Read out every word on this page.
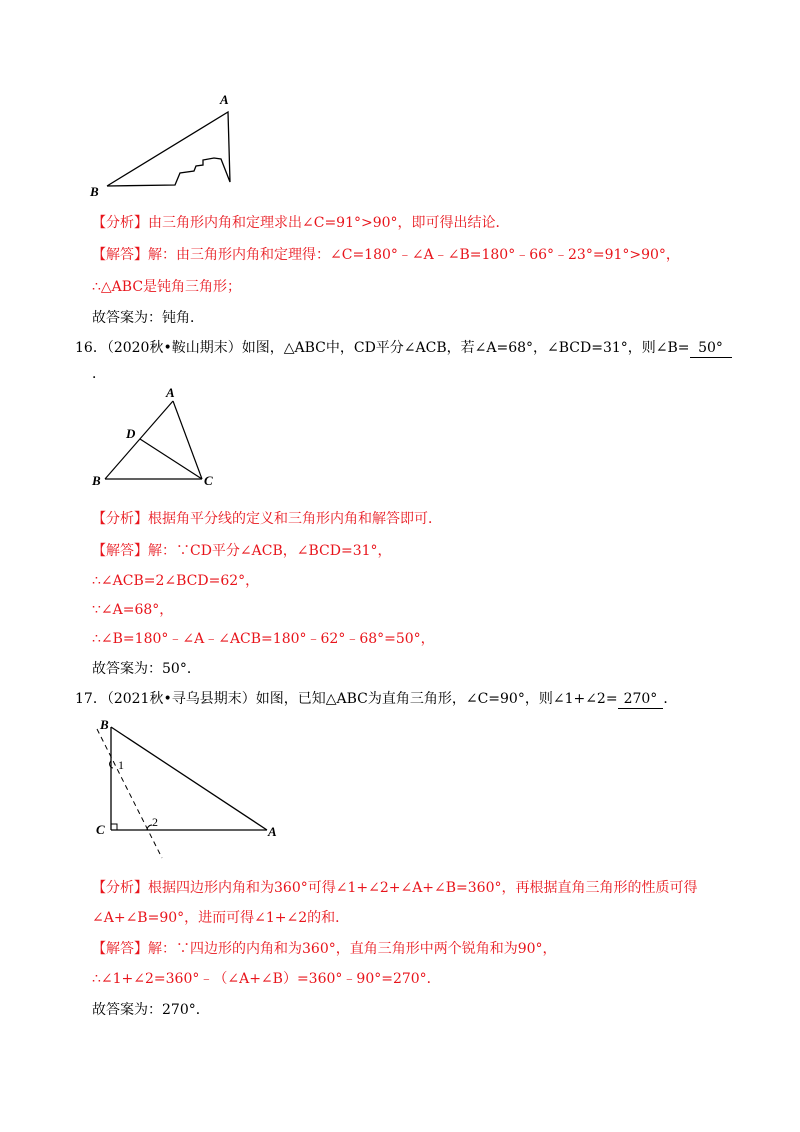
A
B
【分析】由三角形内角和定理求出∠C=91°>90°，即可得出结论．
【解答】解：由三角形内角和定理得：∠C=180°﹣∠A﹣∠B=180°﹣66°﹣23°=91°>90°，
∴△ABC是钝角三角形；
故答案为：钝角．
16．（2020秋•鞍山期末）如图，△ABC中，CD平分∠ACB，若∠A=68°，∠BCD=31°，则∠B= 50°
．
A
B	C
D
【分析】根据角平分线的定义和三角形内角和解答即可．
【解答】解：∵CD平分∠ACB，∠BCD=31°，
∴∠ACB=2∠BCD=62°，
∵∠A=68°，
∴∠B=180°﹣∠A﹣∠ACB=180°﹣62°﹣68°=50°，
故答案为：50°．
17．（2021秋•寻乌县期末）如图，已知△ABC为直角三角形，∠C=90°，则∠1+∠2= 270° ．
B
C	A
1
2
【分析】根据四边形内角和为360°可得∠1+∠2+∠A+∠B=360°，再根据直角三角形的性质可得
∠A+∠B=90°，进而可得∠1+∠2的和．
【解答】解：∵四边形的内角和为360°，直角三角形中两个锐角和为90°，
∴∠1+∠2=360°﹣（∠A+∠B）=360°﹣90°=270°．
故答案为：270°．
